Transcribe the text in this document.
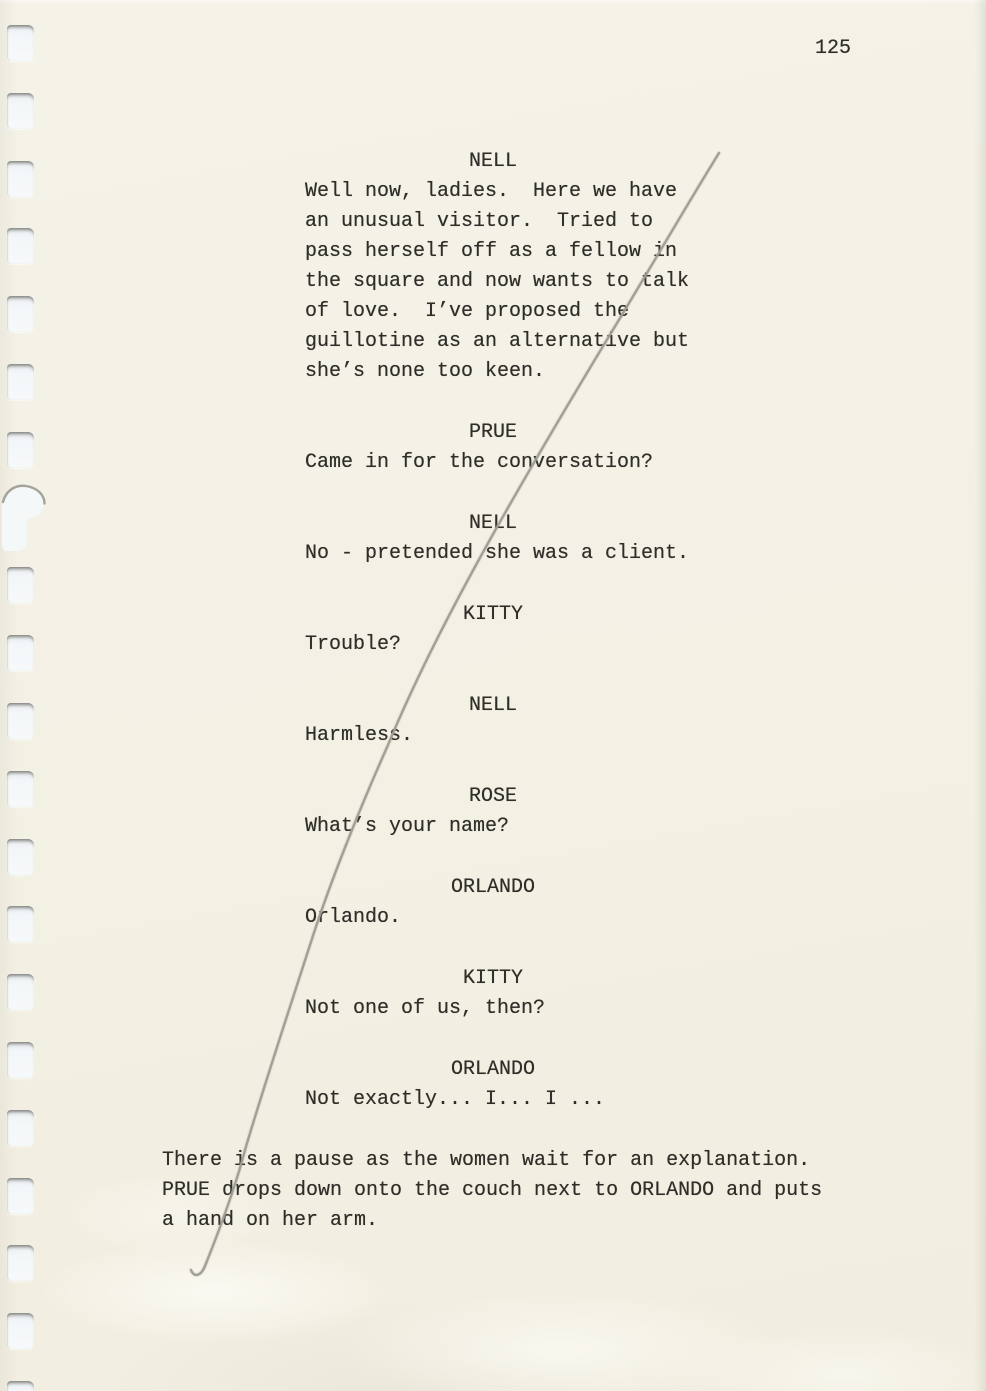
125
NELL
Well now, ladies.  Here we have
an unusual visitor.  Tried to
pass herself off as a fellow in
the square and now wants to talk
of love.  I’ve proposed the
guillotine as an alternative but
she’s none too keen.
PRUE
Came in for the conversation?
NELL
No - pretended she was a client.
KITTY
Trouble?
NELL
Harmless.
ROSE
What’s your name?
ORLANDO
Orlando.
KITTY
Not one of us, then?
ORLANDO
Not exactly... I... I ...
There is a pause as the women wait for an explanation.
PRUE drops down onto the couch next to ORLANDO and puts
a hand on her arm.
